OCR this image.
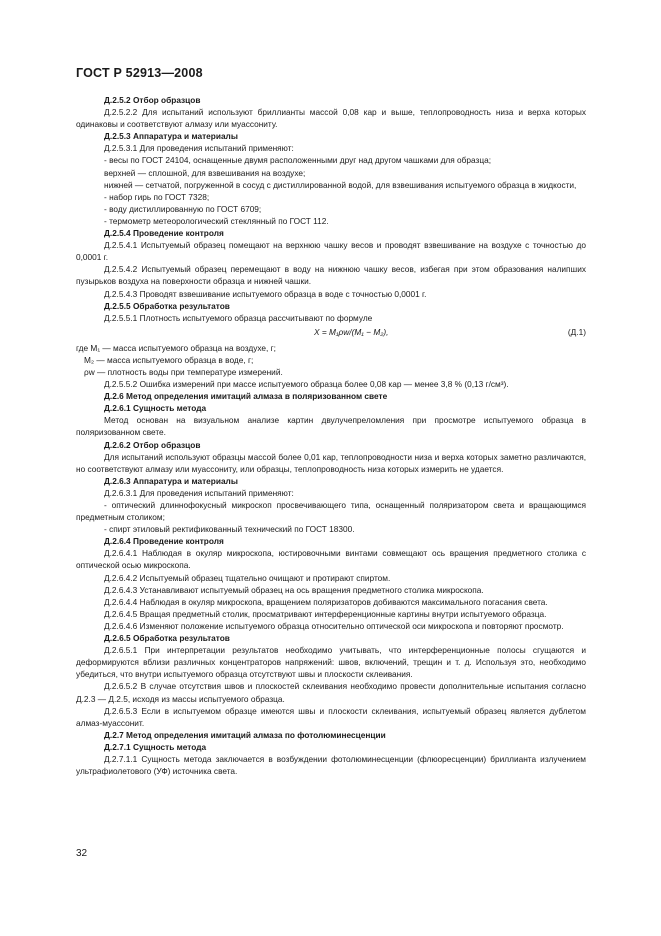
ГОСТ Р 52913—2008

Д.2.5.2 Отбор образцов

Д.2.5.2.2 Для испытаний используют бриллианты массой 0,08 кар и выше, теплопроводность низа и верха которых одинаковы и соответствуют алмазу или муассониту.

Д.2.5.3 Аппаратура и материалы

Д.2.5.3.1 Для проведения испытаний применяют:

- весы по ГОСТ 24104, оснащенные двумя расположенными друг над другом чашками для образца;

верхней — сплошной, для взвешивания на воздухе;

нижней — сетчатой, погруженной в сосуд с дистиллированной водой, для взвешивания испытуемого образца в жидкости,

- набор гирь по ГОСТ 7328;

- воду дистиллированную по ГОСТ 6709;

- термометр метеорологический стеклянный по ГОСТ 112.

Д.2.5.4 Проведение контроля

Д.2.5.4.1 Испытуемый образец помещают на верхнюю чашку весов и проводят взвешивание на воздухе с точностью до 0,0001 г.

Д.2.5.4.2 Испытуемый образец перемещают в воду на нижнюю чашку весов, избегая при этом образования налипших пузырьков воздуха на поверхности образца и нижней чашки.

Д.2.5.4.3 Проводят взвешивание испытуемого образца в воде с точностью 0,0001 г.

Д.2.5.5 Обработка результатов

Д.2.5.5.1 Плотность испытуемого образца рассчитывают по формуле

X = M₁ρw/(M₁ − M₂),	(Д.1)

где M₁ — масса испытуемого образца на воздухе, г;

M₂ — масса испытуемого образца в воде, г;

ρw — плотность воды при температуре измерений.

Д.2.5.5.2 Ошибка измерений при массе испытуемого образца более 0,08 кар — менее 3,8 % (0,13 г/см³).

Д.2.6 Метод определения имитаций алмаза в поляризованном свете

Д.2.6.1 Сущность метода

Метод основан на визуальном анализе картин двулучепреломления при просмотре испытуемого образца в поляризованном свете.

Д.2.6.2 Отбор образцов

Для испытаний используют образцы массой более 0,01 кар, теплопроводности низа и верха которых заметно различаются, но соответствуют алмазу или муассониту, или образцы, теплопроводность низа которых измерить не удается.

Д.2.6.3 Аппаратура и материалы

Д.2.6.3.1 Для проведения испытаний применяют:

- оптический длиннофокусный микроскоп просвечивающего типа, оснащенный поляризатором света и вращающимся предметным столиком;

- спирт этиловый ректификованный технический по ГОСТ 18300.

Д.2.6.4 Проведение контроля

Д.2.6.4.1 Наблюдая в окуляр микроскопа, юстировочными винтами совмещают ось вращения предметного столика с оптической осью микроскопа.

Д.2.6.4.2 Испытуемый образец тщательно очищают и протирают спиртом.

Д.2.6.4.3 Устанавливают испытуемый образец на ось вращения предметного столика микроскопа.

Д.2.6.4.4 Наблюдая в окуляр микроскопа, вращением поляризаторов добиваются максимального погасания света.

Д.2.6.4.5 Вращая предметный столик, просматривают интерференционные картины внутри испытуемого образца.

Д.2.6.4.6 Изменяют положение испытуемого образца относительно оптической оси микроскопа и повторяют просмотр.

Д.2.6.5 Обработка результатов

Д.2.6.5.1 При интерпретации результатов необходимо учитывать, что интерференционные полосы сгущаются и деформируются вблизи различных концентраторов напряжений: швов, включений, трещин и т. д. Используя это, необходимо убедиться, что внутри испытуемого образца отсутствуют швы и плоскости склеивания.

Д.2.6.5.2 В случае отсутствия швов и плоскостей склеивания необходимо провести дополнительные испытания согласно Д.2.3 — Д.2.5, исходя из массы испытуемого образца.

Д.2.6.5.3 Если в испытуемом образце имеются швы и плоскости склеивания, испытуемый образец является дублетом алмаз-муассонит.

Д.2.7 Метод определения имитаций алмаза по фотолюминесценции

Д.2.7.1 Сущность метода

Д.2.7.1.1 Сущность метода заключается в возбуждении фотолюминесценции (флюоресценции) бриллианта излучением ультрафиолетового (УФ) источника света.

32
